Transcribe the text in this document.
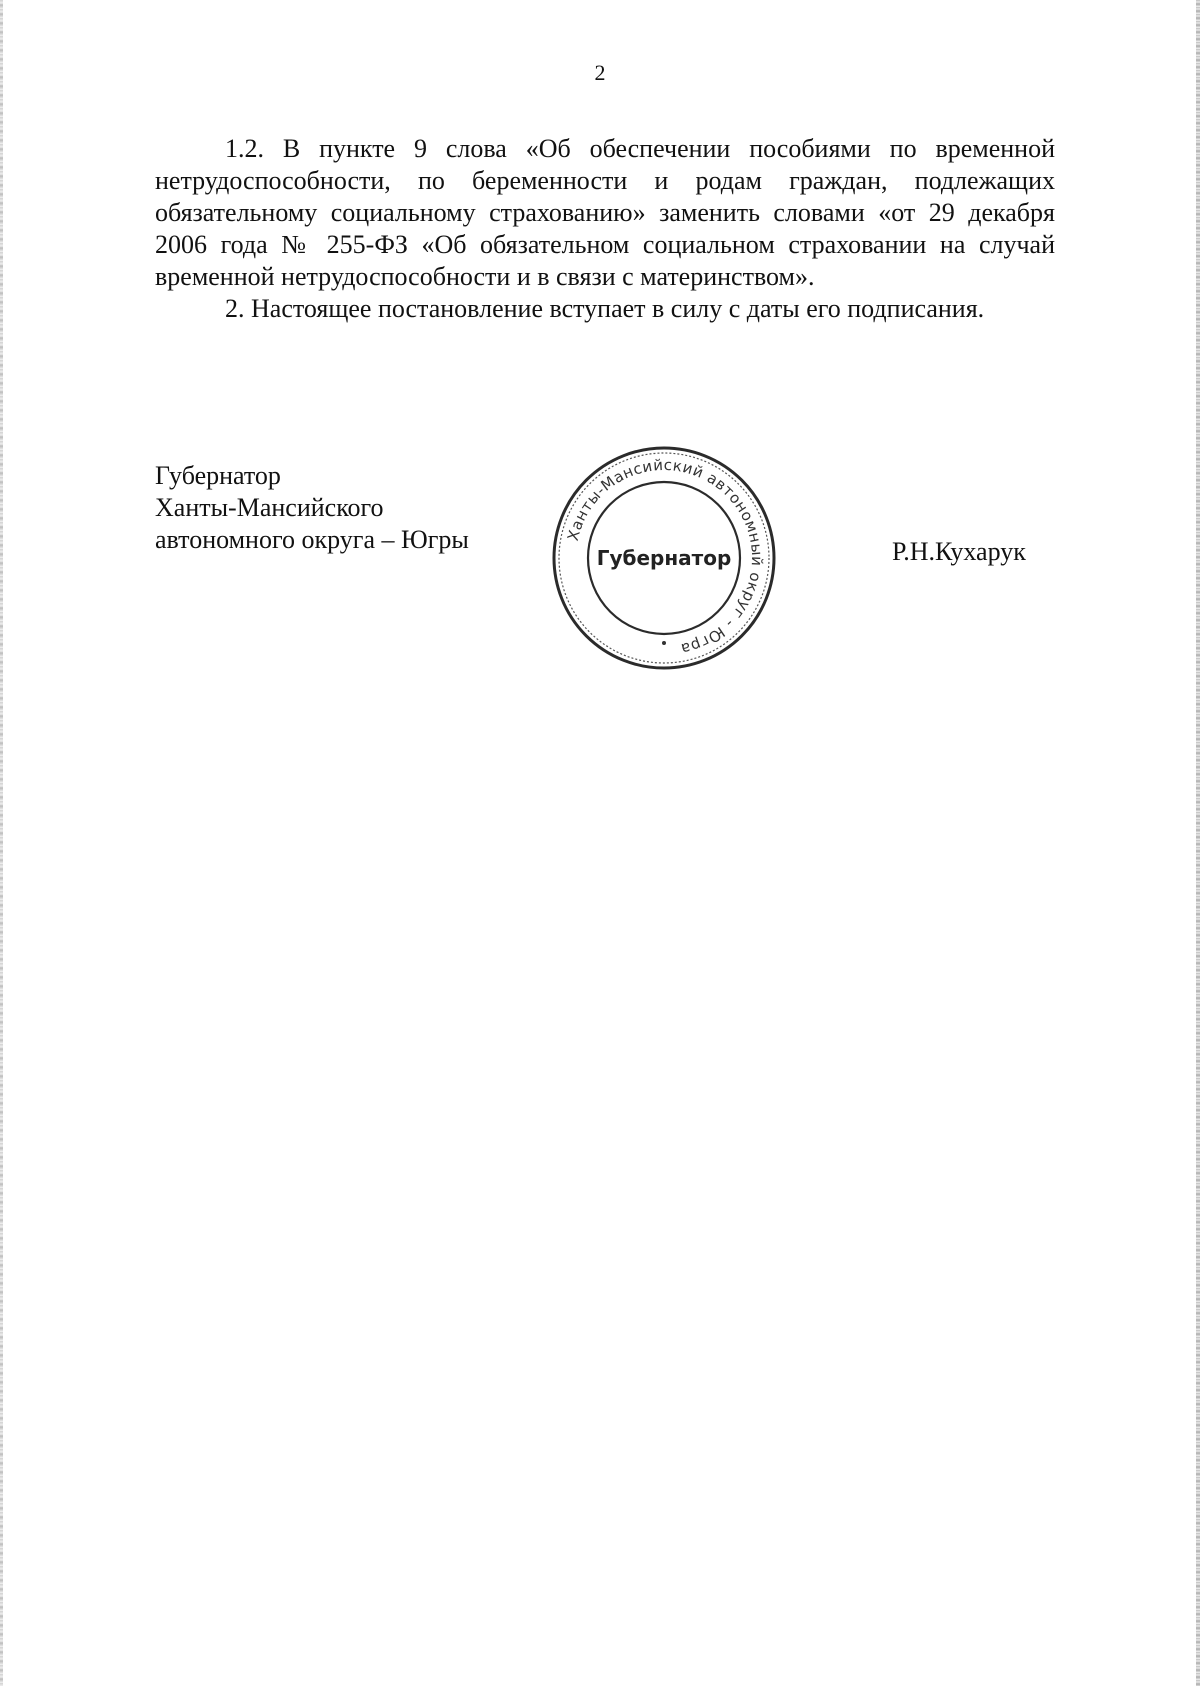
2

1.2. В пункте 9 слова «Об обеспечении пособиями по временной нетрудоспособности, по беременности и родам граждан, подлежащих обязательному социальному страхованию» заменить словами «от 29 декабря 2006 года № 255-ФЗ «Об обязательном социальном страховании на случай временной нетрудоспособности и в связи с материнством».

2. Настоящее постановление вступает в силу с даты его подписания.

Губернатор
Ханты-Мансийского
автономного округа – Югры	Ханты-Мансийский автономный округ - Югра
Губернатор	Р.Н.Кухарук
